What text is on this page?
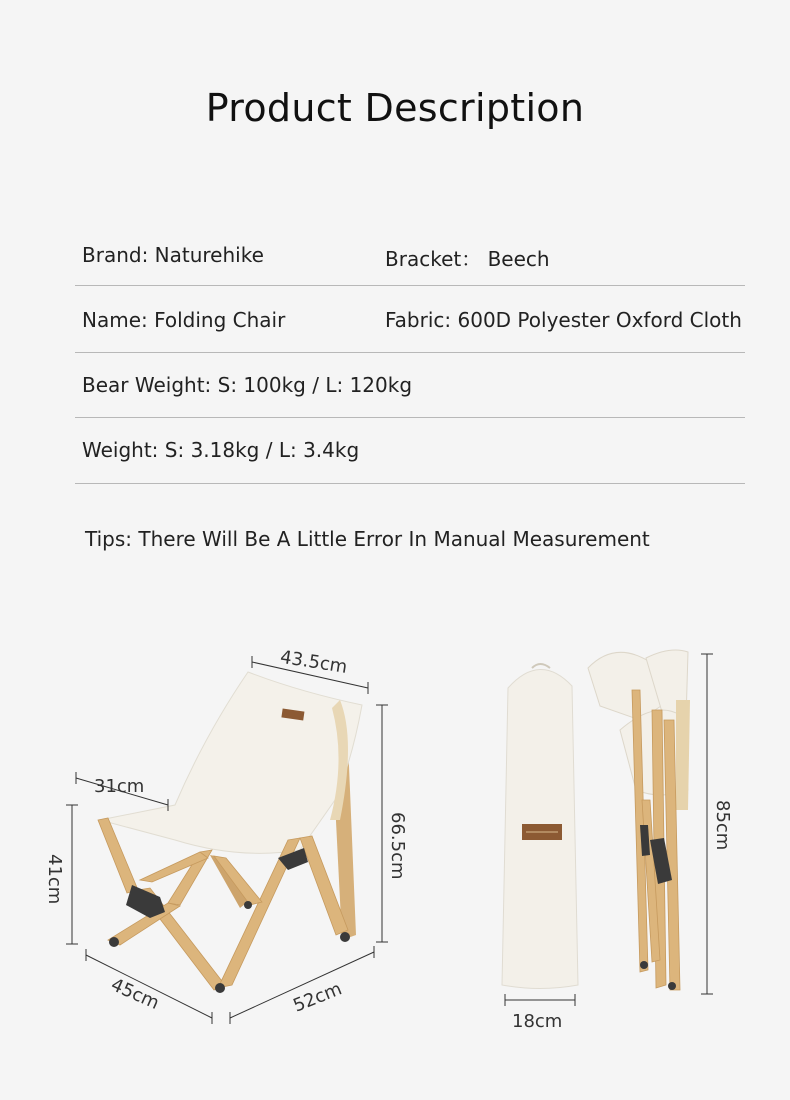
Product Description
Brand: Naturehike	Bracket： Beech
Name: Folding Chair	Fabric: 600D Polyester Oxford Cloth
Bear Weight: S: 100kg / L: 120kg
Weight: S: 3.18kg / L: 3.4kg
Tips: There Will Be A Little Error In Manual Measurement
43.5cm
31cm
66.5cm
41cm
45cm	52cm
18cm
85cm
